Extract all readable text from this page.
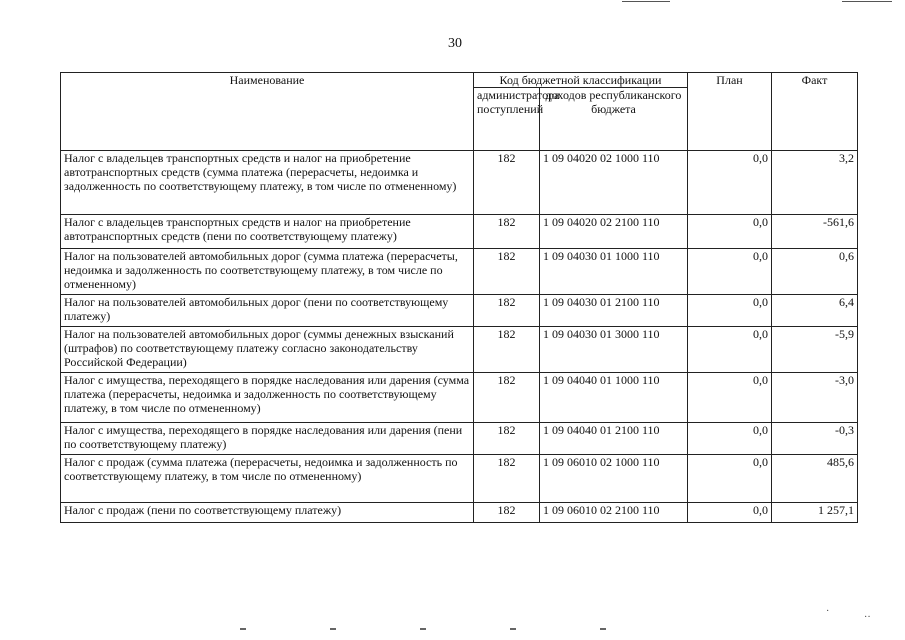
30
Наименование	Код бюджетной классификации		План	Факт
	администратора поступлений	доходов республиканского бюджета		
Налог с владельцев транспортных средств и налог на приобретение автотранспортных средств (сумма платежа (перерасчеты, недоимка и задолженность по соответствующему платежу, в том числе по отмененному)	182	1 09 04020 02 1000 110	0,0	3,2
Налог с владельцев транспортных средств и налог на приобретение автотранспортных средств (пени по соответствующему платежу)	182	1 09 04020 02 2100 110	0,0	-561,6
Налог на пользователей автомобильных дорог (сумма платежа (перерасчеты, недоимка и задолженность по соответствующему платежу, в том числе по отмененному)	182	1 09 04030 01 1000 110	0,0	0,6
Налог на пользователей автомобильных дорог (пени по соответствующему платежу)	182	1 09 04030 01 2100 110	0,0	6,4
Налог на пользователей автомобильных дорог (суммы денежных взысканий (штрафов) по соответствующему платежу согласно законодательству Российской Федерации)	182	1 09 04030 01 3000 110	0,0	-5,9
Налог с имущества, переходящего в порядке наследования или дарения (сумма платежа (перерасчеты, недоимка и задолженность по соответствующему платежу, в том числе по отмененному)	182	1 09 04040 01 1000 110	0,0	-3,0
Налог с имущества, переходящего в порядке наследования или дарения (пени по соответствующему платежу)	182	1 09 04040 01 2100 110	0,0	-0,3
Налог с продаж (сумма платежа (перерасчеты, недоимка и задолженность по соответствующему платежу, в том числе по отмененному)	182	1 09 06010 02 1000 110	0,0	485,6
Налог с продаж (пени по соответствующему платежу)	182	1 09 06010 02 2100 110	0,0	1 257,1
·
··
